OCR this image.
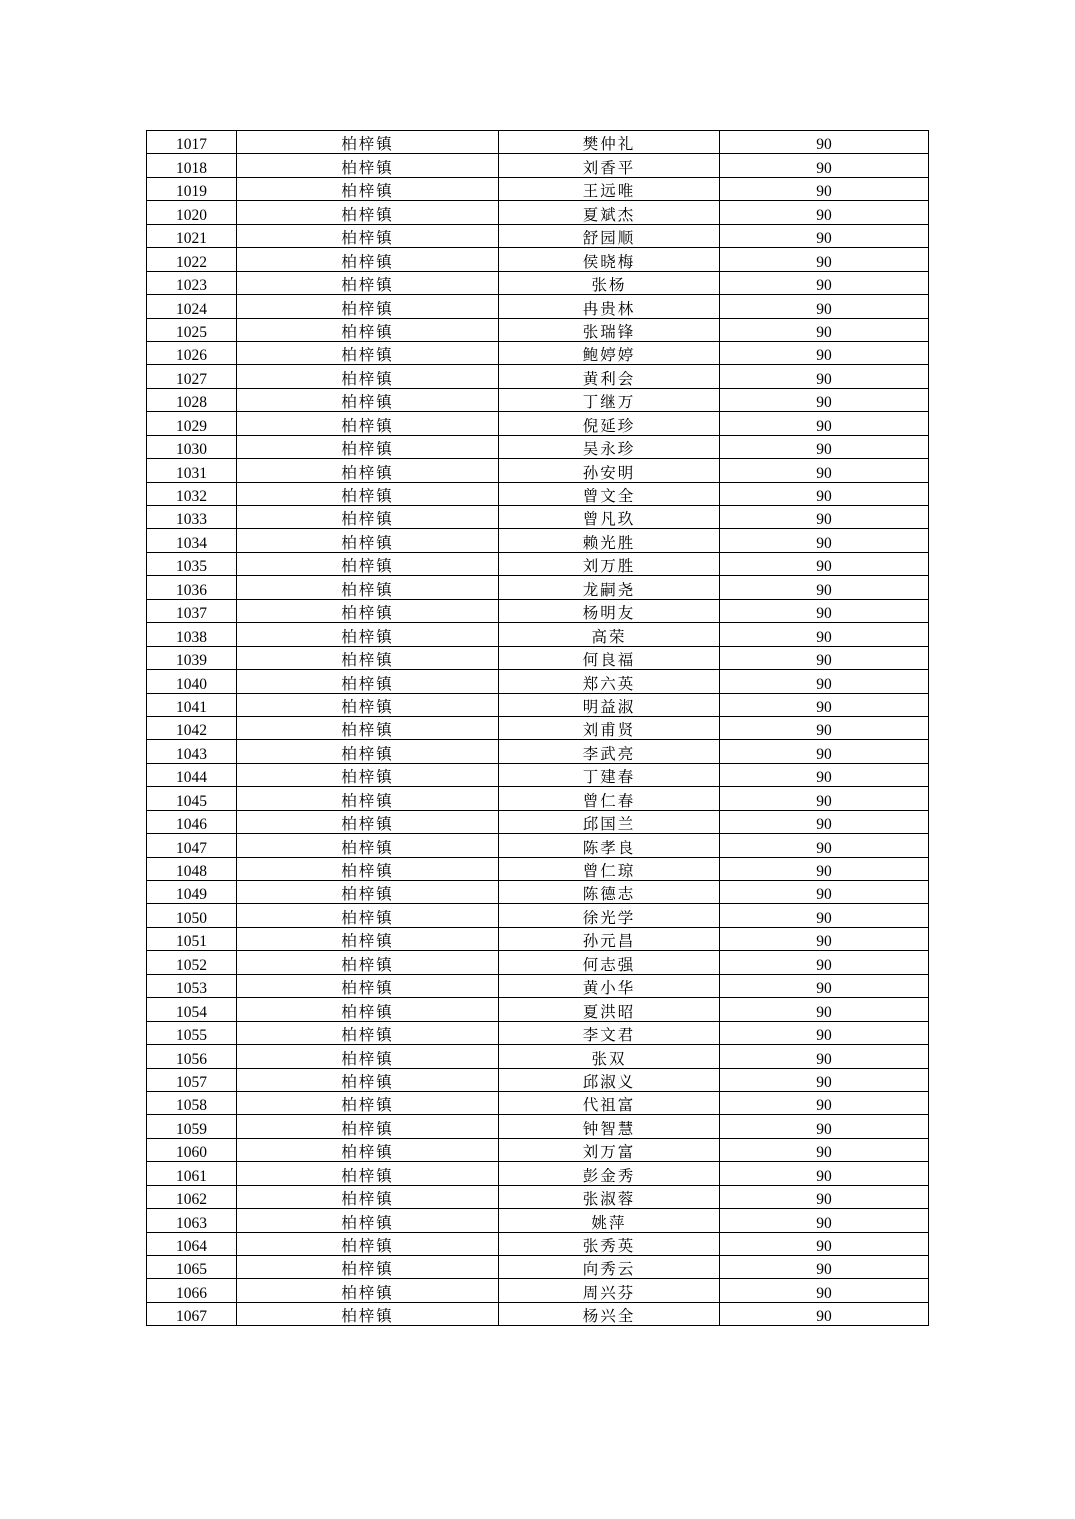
1017	柏梓镇	樊仲礼	90
1018	柏梓镇	刘香平	90
1019	柏梓镇	王远唯	90
1020	柏梓镇	夏斌杰	90
1021	柏梓镇	舒园顺	90
1022	柏梓镇	侯晓梅	90
1023	柏梓镇	张杨	90
1024	柏梓镇	冉贵林	90
1025	柏梓镇	张瑞锋	90
1026	柏梓镇	鲍婷婷	90
1027	柏梓镇	黄利会	90
1028	柏梓镇	丁继万	90
1029	柏梓镇	倪延珍	90
1030	柏梓镇	吴永珍	90
1031	柏梓镇	孙安明	90
1032	柏梓镇	曾文全	90
1033	柏梓镇	曾凡玖	90
1034	柏梓镇	赖光胜	90
1035	柏梓镇	刘万胜	90
1036	柏梓镇	龙嗣尧	90
1037	柏梓镇	杨明友	90
1038	柏梓镇	高荣	90
1039	柏梓镇	何良福	90
1040	柏梓镇	郑六英	90
1041	柏梓镇	明益淑	90
1042	柏梓镇	刘甫贤	90
1043	柏梓镇	李武亮	90
1044	柏梓镇	丁建春	90
1045	柏梓镇	曾仁春	90
1046	柏梓镇	邱国兰	90
1047	柏梓镇	陈孝良	90
1048	柏梓镇	曾仁琼	90
1049	柏梓镇	陈德志	90
1050	柏梓镇	徐光学	90
1051	柏梓镇	孙元昌	90
1052	柏梓镇	何志强	90
1053	柏梓镇	黄小华	90
1054	柏梓镇	夏洪昭	90
1055	柏梓镇	李文君	90
1056	柏梓镇	张双	90
1057	柏梓镇	邱淑义	90
1058	柏梓镇	代祖富	90
1059	柏梓镇	钟智慧	90
1060	柏梓镇	刘万富	90
1061	柏梓镇	彭金秀	90
1062	柏梓镇	张淑蓉	90
1063	柏梓镇	姚萍	90
1064	柏梓镇	张秀英	90
1065	柏梓镇	向秀云	90
1066	柏梓镇	周兴芬	90
1067	柏梓镇	杨兴全	90
